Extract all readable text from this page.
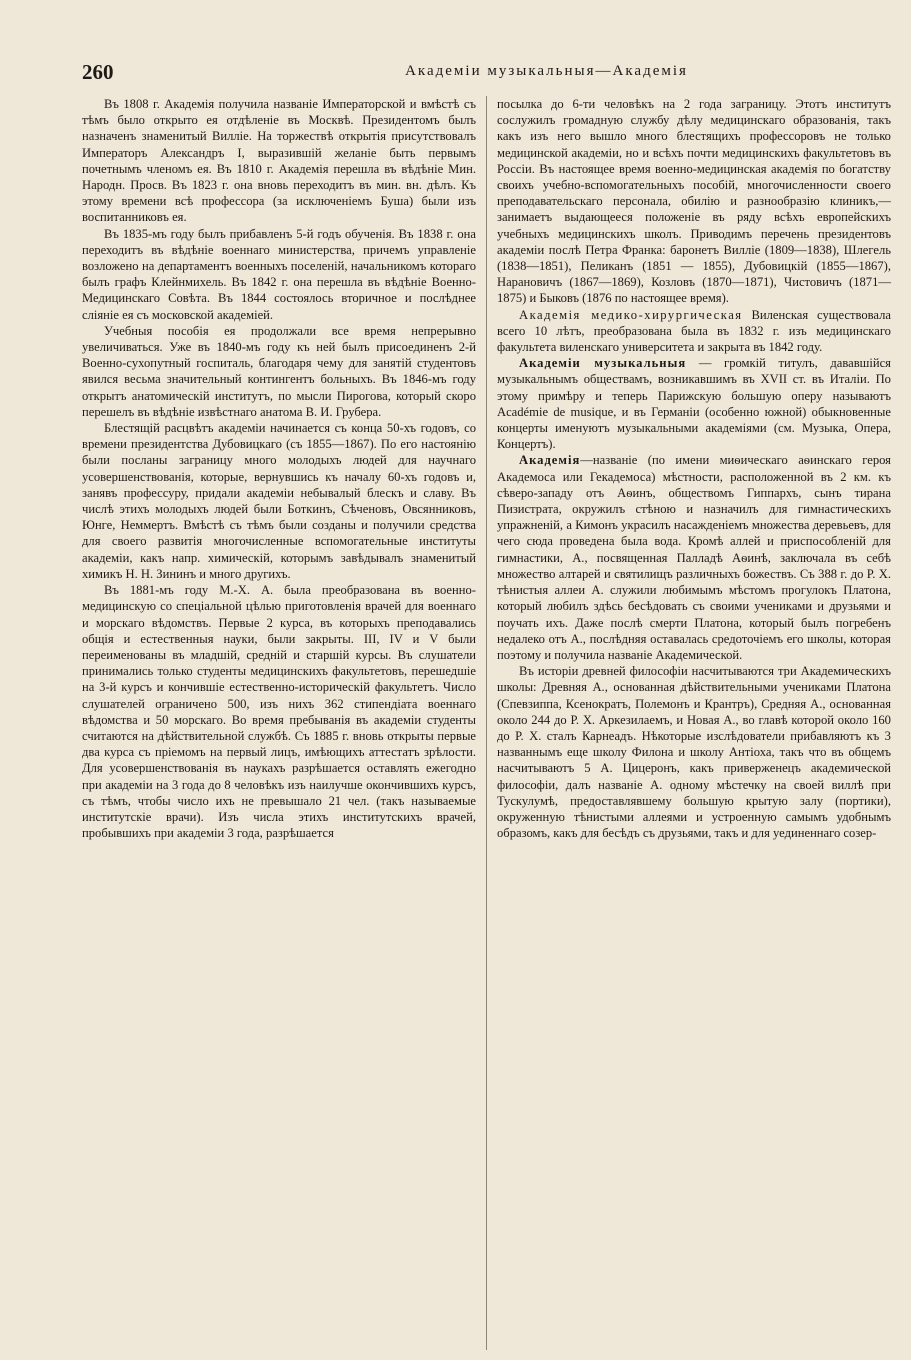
260	Академіи музыкальныя—Академія

Въ 1808 г. Академія получила названіе Императорской и вмѣстѣ съ тѣмъ было открыто ея отдѣленіе въ Москвѣ. Президентомъ былъ назначенъ знаменитый Виллiе. На торжествѣ открытія присутствовалъ Императоръ Александръ I, выразившій желаніе быть первымъ почетнымъ членомъ ея. Въ 1810 г. Академія перешла въ вѣдѣніе Мин. Народн. Просв. Въ 1823 г. она вновь переходитъ въ мин. вн. дѣлъ. Къ этому времени всѣ профессора (за исключеніемъ Буша) были изъ воспитанниковъ ея.

Въ 1835-мъ году былъ прибавленъ 5-й годъ обученія. Въ 1838 г. она переходитъ въ вѣдѣніе военнаго министерства, причемъ управленіе возложено на департаментъ военныхъ поселеній, начальникомъ котораго былъ графъ Клейнмихель. Въ 1842 г. она перешла въ вѣдѣніе Военно-Медицинскаго Совѣта. Въ 1844 состоялось вторичное и послѣднее сліяніе ея съ московской академіей.

Учебныя пособія ея продолжали все время непрерывно увеличиваться. Уже въ 1840-мъ году къ ней былъ присоединенъ 2-й Военно-сухопутный госпиталь, благодаря чему для занятій студентовъ явился весьма значительный контингентъ больныхъ. Въ 1846-мъ году открытъ анатомическій институтъ, по мысли Пирогова, который скоро перешелъ въ вѣдѣніе извѣстнаго анатома В. И. Грубера.

Блестящій расцвѣтъ академіи начинается съ конца 50-хъ годовъ, со времени президентства Дубовицкаго (съ 1855—1867). По его настоянію были посланы заграницу много молодыхъ людей для научнаго усовершенствованія, которые, вернувшись къ началу 60-хъ годовъ и, занявъ профессуру, придали академіи небывалый блескъ и славу. Въ числѣ этихъ молодыхъ людей были Боткинъ, Сѣченовъ, Овсянниковъ, Юнге, Неммертъ. Вмѣстѣ съ тѣмъ были созданы и получили средства для своего развитія многочисленные вспомогательные институты академіи, какъ напр. химическій, которымъ завѣдывалъ знаменитый химикъ Н. Н. Зининъ и много другихъ.

Въ 1881-мъ году М.-Х. А. была преобразована въ военно-медицинскую со спеціальной цѣлью приготовленія врачей для военнаго и морскаго вѣдомствъ. Первые 2 курса, въ которыхъ преподавались общія и естественныя науки, были закрыты. III, IV и V были переименованы въ младшій, средній и старшій курсы. Въ слушатели принимались только студенты медицинскихъ факультетовъ, перешедшіе на 3-й курсъ и кончившіе естественно-историческій факультетъ. Число слушателей ограничено 500, изъ нихъ 362 стипендіата военнаго вѣдомства и 50 морскаго. Во время пребыванія въ академіи студенты считаются на дѣйствительной службѣ. Съ 1885 г. вновь открыты первые два курса съ пріемомъ на первый лицъ, имѣющихъ аттестатъ зрѣлости. Для усовершенствованія въ наукахъ разрѣшается оставлять ежегодно при академіи на 3 года до 8 человѣкъ изъ наилучше окончившихъ курсъ, съ тѣмъ, чтобы число ихъ не превышало 21 чел. (такъ называемые институтскіе врачи). Изъ числа этихъ институтскихъ врачей, пробывшихъ при академіи 3 года, разрѣшается

посылка до 6-ти человѣкъ на 2 года заграницу. Этотъ институтъ сослужилъ громадную службу дѣлу медицинскаго образованія, такъ какъ изъ него вышло много блестящихъ профессоровъ не только медицинской академіи, но и всѣхъ почти медицинскихъ факультетовъ въ Россіи. Въ настоящее время военно-медицинская академія по богатству своихъ учебно-вспомогательныхъ пособій, многочисленности своего преподавательскаго персонала, обилію и разнообразію клиникъ,—занимаетъ выдающееся положеніе въ ряду всѣхъ европейскихъ учебныхъ медицинскихъ школъ. Приводимъ перечень президентовъ академіи послѣ Петра Франка: баронетъ Виллiе (1809—1838), Шлегель (1838—1851), Пеликанъ (1851 — 1855), Дубовицкій (1855—1867), Нарановичъ (1867—1869), Козловъ (1870—1871), Чистовичъ (1871—1875) и Быковъ (1876 по настоящее время).

Академія медико-хирургическая Виленская существовала всего 10 лѣтъ, преобразована была въ 1832 г. изъ медицинскаго факультета виленскаго университета и закрыта въ 1842 году.

Академіи музыкальныя — громкій титулъ, дававшійся музыкальнымъ обществамъ, возникавшимъ въ XVII ст. въ Италіи. По этому примѣру и теперь Парижскую большую оперу называютъ Académie de musique, и въ Германіи (особенно южной) обыкновенные концерты именуютъ музыкальными академіями (см. Музыка, Опера, Концертъ).

Академія—названіе (по имени миѳическаго аѳинскаго героя Академоса или Гекадемоса) мѣстности, расположенной въ 2 км. къ сѣверо-западу отъ Аѳинъ, общеcтвомъ Гиппархъ, сынъ тирана Пизистрата, окружилъ стѣною и назначилъ для гимнастическихъ упражненій, а Кимонъ украсилъ насажденіемъ множества деревьевъ, для чего сюда проведена была вода. Кромѣ аллей и приспособленій для гимнастики, А., посвященная Палладѣ Аѳинѣ, заключала въ себѣ множество алтарей и святилищъ различныхъ божествъ. Съ 388 г. до Р. Х. тѣнистыя аллеи А. служили любимымъ мѣстомъ прогулокъ Платона, который любилъ здѣсь бесѣдовать съ своими учениками и друзьями и поучать ихъ. Даже послѣ смерти Платона, который былъ погребенъ недалеко отъ А., послѣдняя оставалась средоточіемъ его школы, которая поэтому и получила названіе Академической.

Въ исторіи древней философіи насчитываются три Академическихъ школы: Древняя А., основанная дѣйствительными учениками Платона (Спевзиппа, Ксенократъ, Полемонъ и Крантръ), Средняя А., основанная около 244 до Р. Х. Аркезилаемъ, и Новая А., во главѣ которой около 160 до Р. Х. сталъ Карнеадъ. Нѣкоторые изслѣдователи прибавляютъ къ 3 названнымъ еще школу Филона и школу Антіоха, такъ что въ общемъ насчитываютъ 5 А. Цицеронъ, какъ приверженецъ академической философіи, далъ названіе А. одному мѣстечку на своей виллѣ при Тускулумѣ, предоставлявшему большую крытую залу (портики), окруженную тѣнистыми аллеями и устроенную самымъ удобнымъ образомъ, какъ для бесѣдъ съ друзьями, такъ и для уединеннаго созер-
